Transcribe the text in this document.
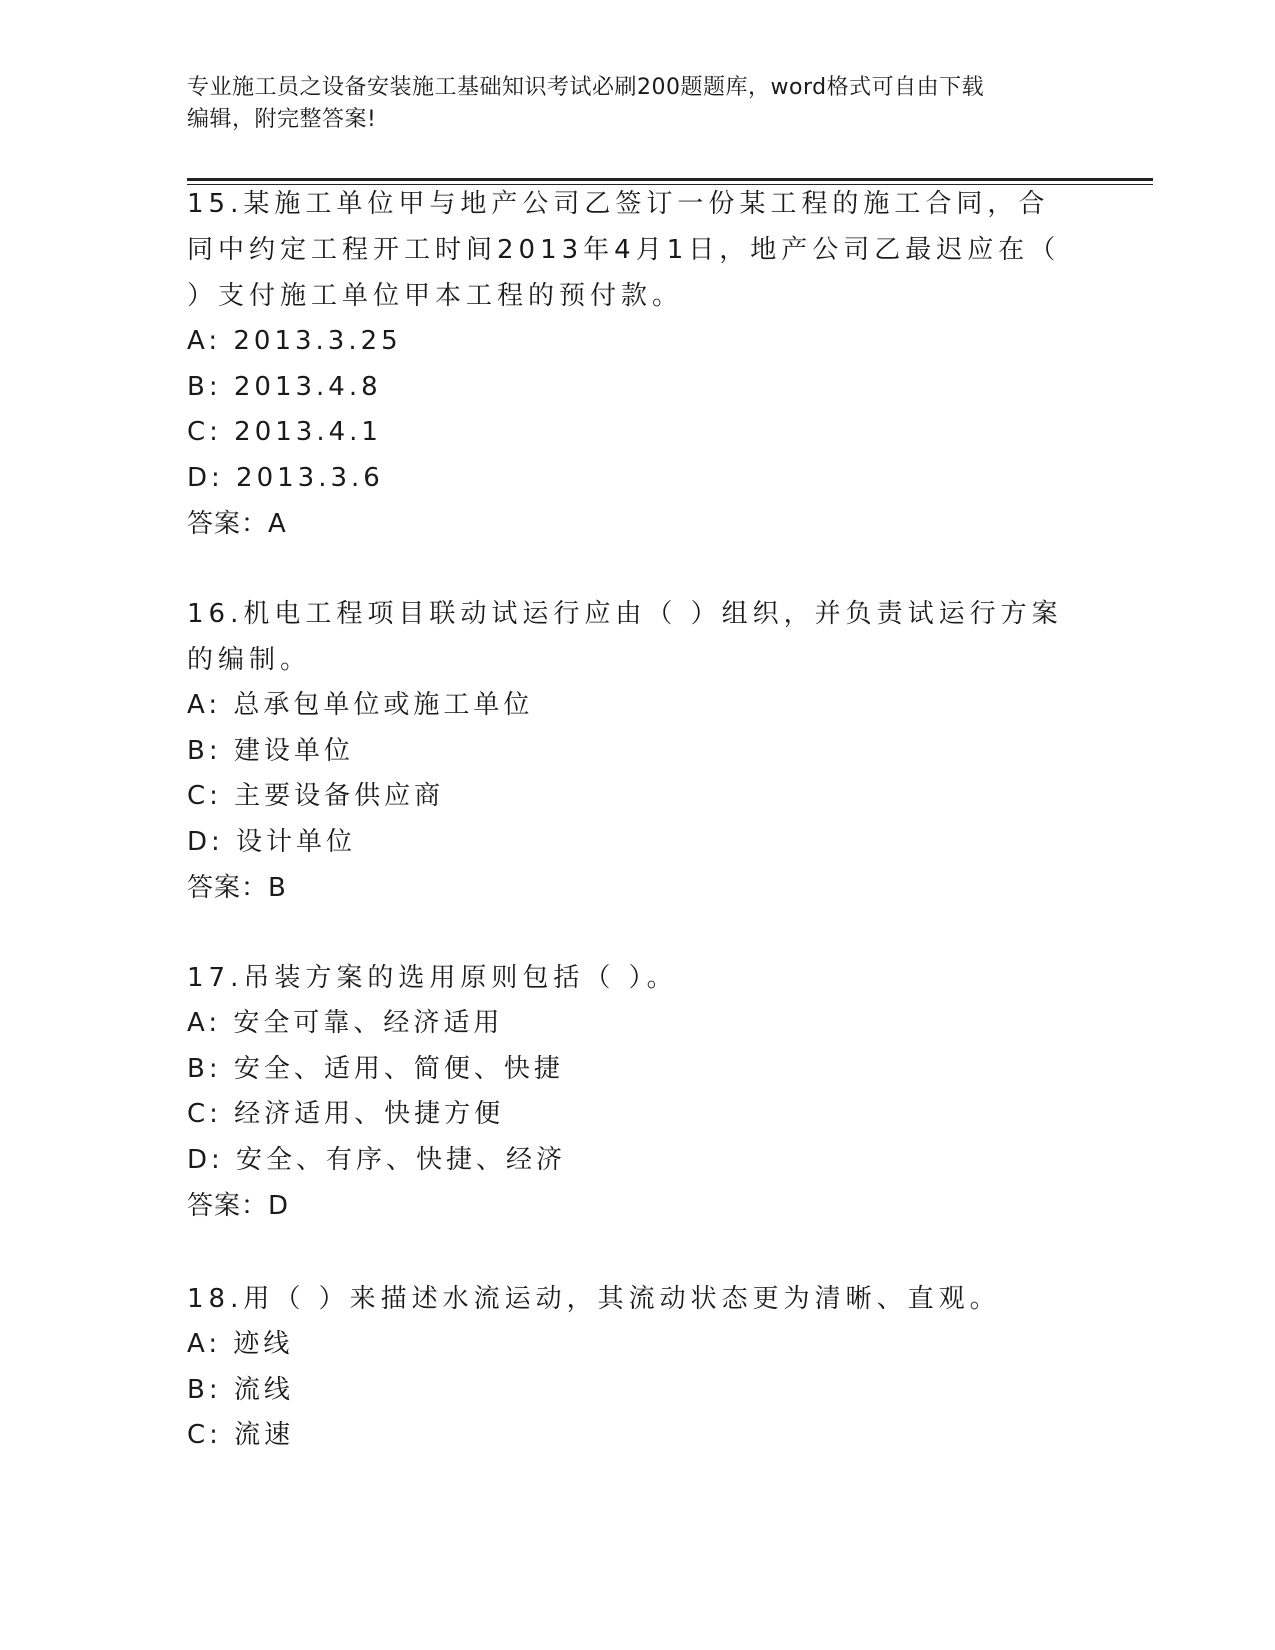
专业施工员之设备安装施工基础知识考试必刷200题题库，word格式可自由下载
编辑，附完整答案!

15.某施工单位甲与地产公司乙签订一份某工程的施工合同，合同中约定工程开工时间2013年4月1日，地产公司乙最迟应在（ ）支付施工单位甲本工程的预付款。

A: 2013.3.25

B: 2013.4.8

C: 2013.4.1

D: 2013.3.6

答案：A

16.机电工程项目联动试运行应由（ ）组织，并负责试运行方案的编制。

A: 总承包单位或施工单位

B: 建设单位

C: 主要设备供应商

D: 设计单位

答案：B

17.吊装方案的选用原则包括（ ）。

A: 安全可靠、经济适用

B: 安全、适用、简便、快捷

C: 经济适用、快捷方便

D: 安全、有序、快捷、经济

答案：D

18.用（ ）来描述水流运动，其流动状态更为清晰、直观。

A: 迹线

B: 流线

C: 流速
